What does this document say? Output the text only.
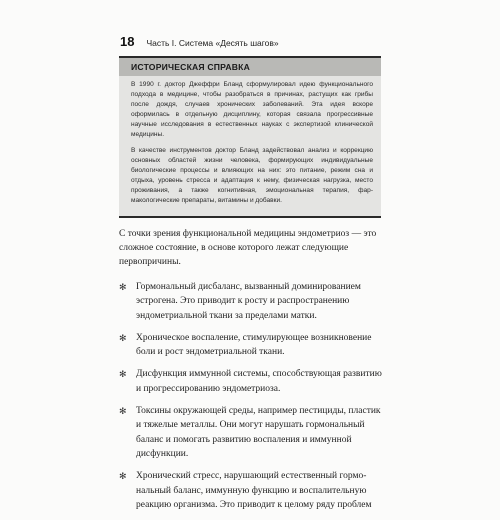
18 Часть I. Система «Десять шагов»
ИСТОРИЧЕСКАЯ СПРАВКА

В 1990 г. доктор Джеффри Бланд сформулировал идею функционального подхода в медицине, чтобы разобраться в причинах, растущих как грибы после дождя, случаев хронических заболеваний. Эта идея вскоре оформилась в отдельную дисциплину, которая связала прогрессивные научные исследования в естественных науках с экспертизой клинической медицины.

В качестве инструментов доктор Бланд задействовал анализ и коррекцию основных областей жизни человека, формирующих индивидуальные биологические процессы и влияющих на них: это питание, режим сна и отдыха, уровень стресса и адаптация к нему, физическая нагрузка, место проживания, а также когнитивная, эмоциональная терапия, фармакологические препараты, витамины и добавки.

С точки зрения функциональной медицины эндометриоз — это сложное состояние, в основе которого лежат следующие первопричины.

✻ Гормональный дисбаланс, вызванный доминированием эстрогена. Это приводит к росту и распространению эндометриальной ткани за пределами матки.
✻ Хроническое воспаление, стимулирующее возникновение боли и рост эндометриальной ткани.
✻ Дисфункция иммунной системы, способствующая развитию и прогрессированию эндометриоза.
✻ Токсины окружающей среды, например пестициды, пластик и тяжелые металлы. Они могут нарушать гормональный баланс и помогать развитию воспаления и иммунной дисфункции.
✻ Хронический стресс, нарушающий естественный гормональный баланс, иммунную функцию и воспалительную реакцию организма. Это приводит к целому ряду проблем
